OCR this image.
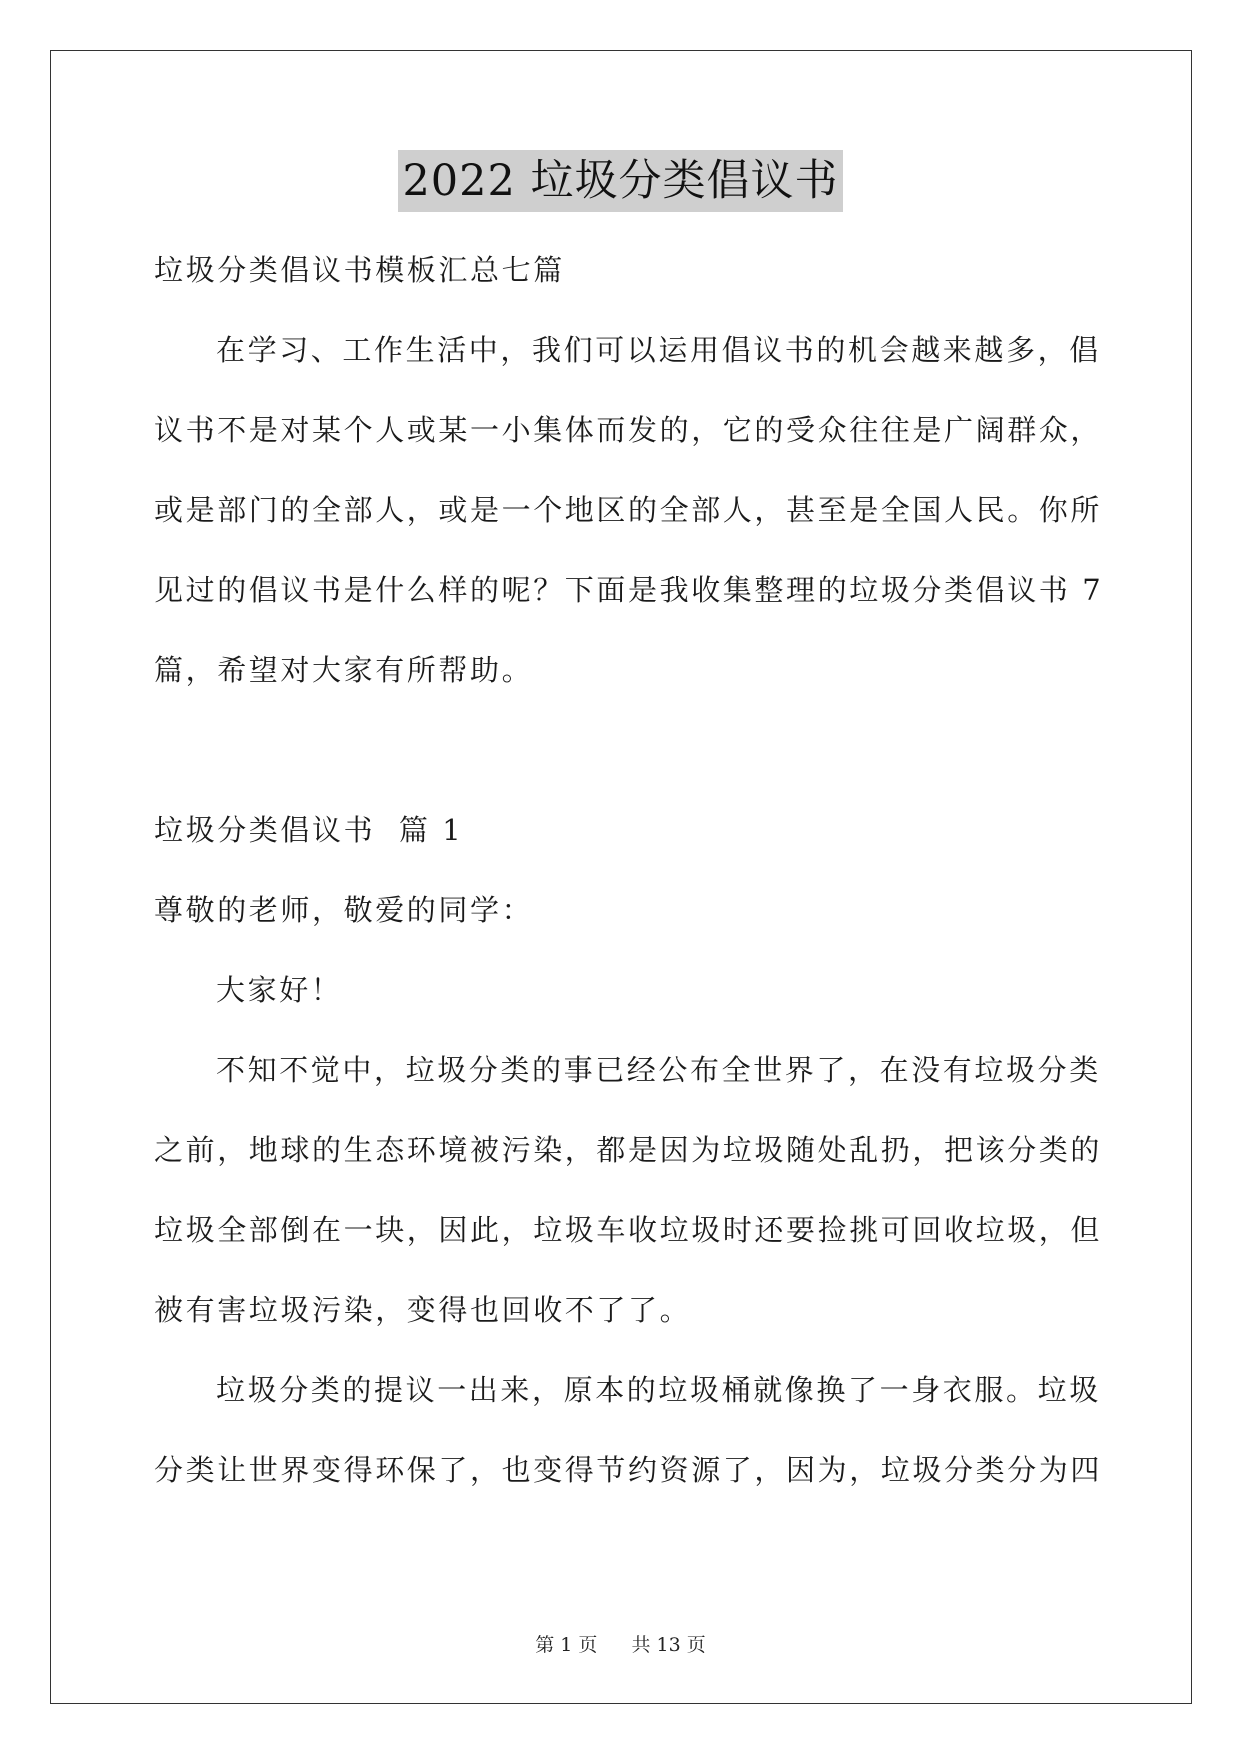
2022 垃圾分类倡议书
垃圾分类倡议书模板汇总七篇
在学习、工作生活中，我们可以运用倡议书的机会越来越多，倡
议书不是对某个人或某一小集体而发的，它的受众往往是广阔群众，
或是部门的全部人，或是一个地区的全部人，甚至是全国人民。你所
见过的倡议书是什么样的呢？下面是我收集整理的垃圾分类倡议书 7
篇，希望对大家有所帮助。
垃圾分类倡议书  篇 1
尊敬的老师，敬爱的同学：
大家好！
不知不觉中，垃圾分类的事已经公布全世界了，在没有垃圾分类
之前，地球的生态环境被污染，都是因为垃圾随处乱扔，把该分类的
垃圾全部倒在一块，因此，垃圾车收垃圾时还要捡挑可回收垃圾，但
被有害垃圾污染，变得也回收不了了。
垃圾分类的提议一出来，原本的垃圾桶就像换了一身衣服。垃圾
分类让世界变得环保了，也变得节约资源了，因为，垃圾分类分为四
第 1 页 共 13 页
